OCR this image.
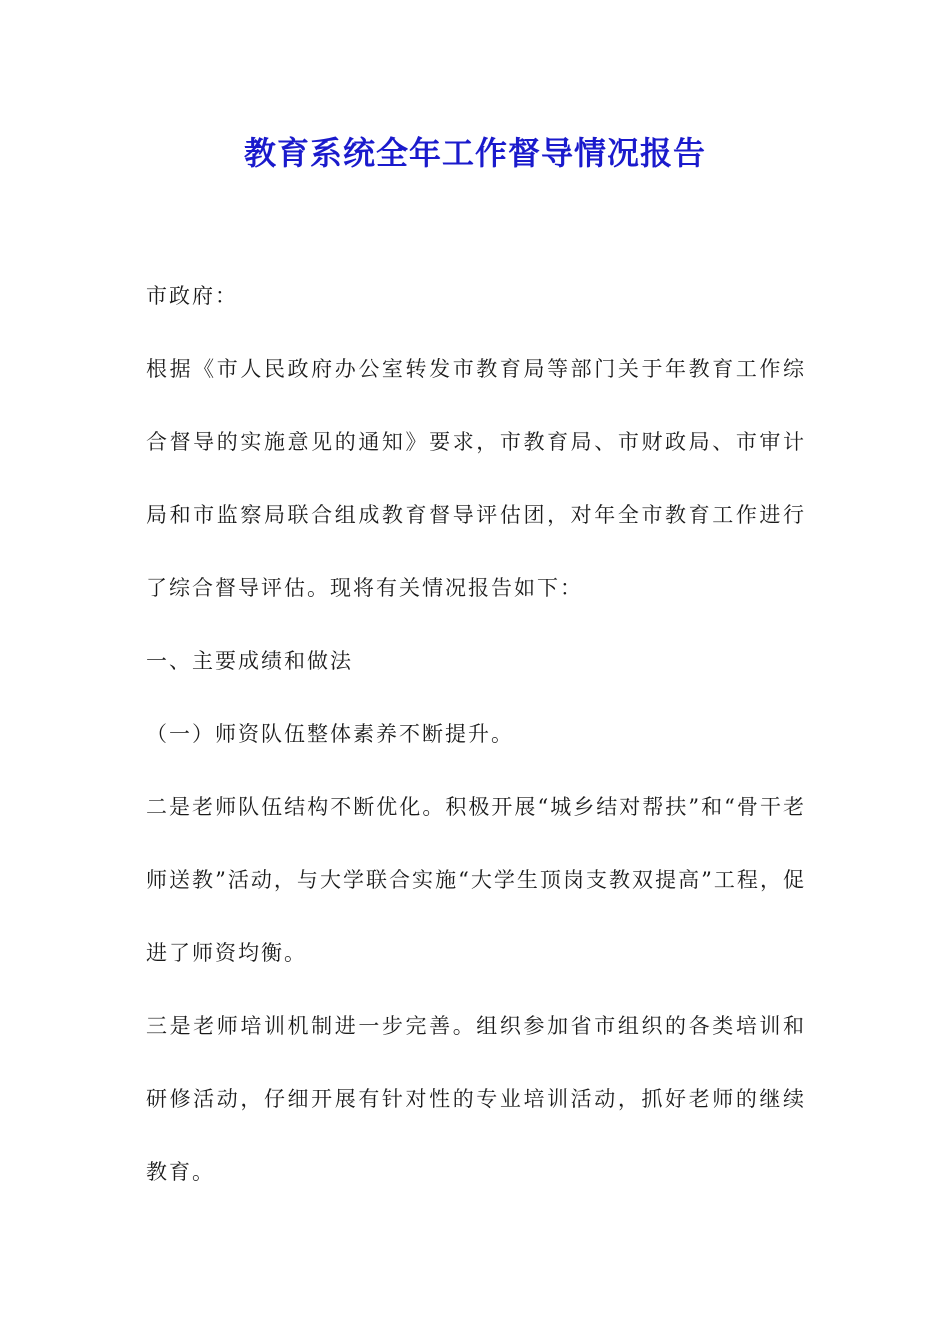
教育系统全年工作督导情况报告

市政府：

根据《市人民政府办公室转发市教育局等部门关于年教育工作综合督导的实施意见的通知》要求，市教育局、市财政局、市审计局和市监察局联合组成教育督导评估团，对年全市教育工作进行了综合督导评估。现将有关情况报告如下：

一、主要成绩和做法

（一）师资队伍整体素养不断提升。

二是老师队伍结构不断优化。积极开展“城乡结对帮扶”和“骨干老师送教”活动，与大学联合实施“大学生顶岗支教双提高”工程，促进了师资均衡。

三是老师培训机制进一步完善。组织参加省市组织的各类培训和研修活动，仔细开展有针对性的专业培训活动，抓好老师的继续教育。
